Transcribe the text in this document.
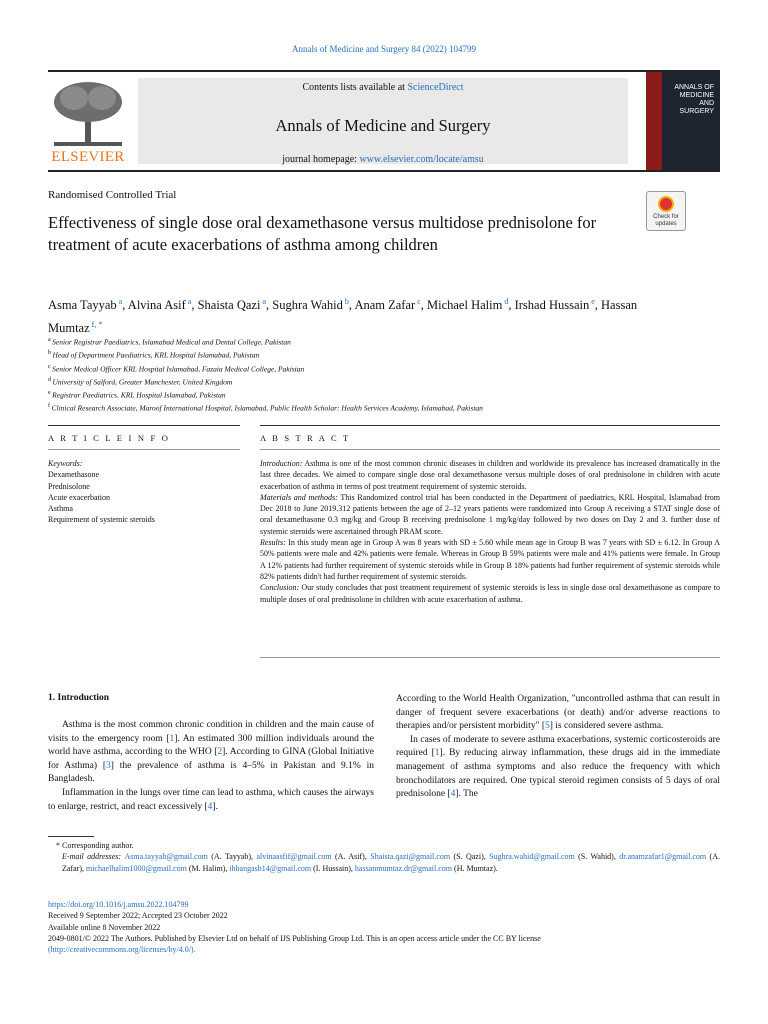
Annals of Medicine and Surgery 84 (2022) 104799
ELSEVIER
Contents lists available at ScienceDirect
Annals of Medicine and Surgery
journal homepage: www.elsevier.com/locate/amsu
ANNALS OF MEDICINE AND SURGERY
Randomised Controlled Trial
Effectiveness of single dose oral dexamethasone versus multidose prednisolone for treatment of acute exacerbations of asthma among children
Check for updates
Asma Tayyab $^a$, Alvina Asif $^a$, Shaista Qazi $^a$, Sughra Wahid $^b$, Anam Zafar $^c$, Michael Halim $^d$, Irshad Hussain $^e$, Hassan Mumtaz $^{f, *}$
$^a$ Senior Registrar Paediatrics, Islamabad Medical and Dental College, Pakistan
$^b$ Head of Department Paediatrics, KRL Hospital Islamabad, Pakistan
$^c$ Senior Medical Officer KRL Hospital Islamabad, Fazaia Medical College, Pakistan
$^d$ University of Salford, Greater Manchester, United Kingdom
$^e$ Registrar Paediatrics, KRL Hospital Islamabad, Pakistan
$^f$ Clinical Research Associate, Maroof International Hospital, Islamabad, Public Health Scholar: Health Services Academy, Islamabad, Pakistan
A R T I C L E I N F O	A B S T R A C T
Keywords:
Dexamethasone
Prednisolone
Acute exacerbation
Asthma
Requirement of systemic steroids

Introduction: Asthma is one of the most common chronic diseases in children and worldwide its prevalence has increased dramatically in the last three decades. We aimed to compare single dose oral dexamethasone versus multiple doses of oral prednisolone in children with acute exacerbation of asthma in terms of post treatment requirement of systemic steroids.

Materials and methods: This Randomized control trial has been conducted in the Department of paediatrics, KRL Hospital, Islamabad from Dec 2018 to June 2019.312 patients between the age of 2–12 years patients were randomized into Group A receiving a STAT single dose of oral dexamethasone 0.3 mg/kg and Group B receiving prednisolone 1 mg/kg/day followed by two doses on Day 2 and 3. further dose of systemic steroids were ascertained through PRAM score.

Results: In this study mean age in Group A was 8 years with SD ± 5.60 while mean age in Group B was 7 years with SD ± 6.12. In Group A 50% patients were male and 42% patients were female. Whereas in Group B 59% patients were male and 41% patients were female. In Group A 12% patients had further requirement of systemic steroids while in Group B 18% patients had further requirement of systemic steroids while 82% patients didn't had further requirement of systemic steroids.

Conclusion: Our study concludes that post treatment requirement of systemic steroids is less in single dose oral dexamethasone as compare to multiple doses of oral prednisolone in children with acute exacerbation of asthma.

1. Introduction

Asthma is the most common chronic condition in children and the main cause of visits to the emergency room [1]. An estimated 300 million individuals around the world have asthma, according to the WHO [2]. According to GINA (Global Initiative for Asthma) [3] the prevalence of asthma is 4–5% in Pakistan and 9.1% in Bangladesh.

Inflammation in the lungs over time can lead to asthma, which causes the airways to enlarge, restrict, and react excessively [4].

According to the World Health Organization, "uncontrolled asthma that can result in danger of frequent severe exacerbations (or death) and/or adverse reactions to therapies and/or persistent morbidity" [5] is considered severe asthma.

In cases of moderate to severe asthma exacerbations, systemic corticosteroids are required [1]. By reducing airway inflammation, these drugs aid in the immediate management of asthma symptoms and also reduce the frequency with which bronchodilators are required. One typical steroid regimen consists of 5 days of oral prednisolone [4]. The

* Corresponding author.
E-mail addresses: Asma.tayyab@gmail.com (A. Tayyab), alvinaasfif@gmail.com (A. Asif), Shaista.qazi@gmail.com (S. Qazi), Sughra.wahid@gmail.com (S. Wahid), dr.anamzafar1@gmail.com (A. Zafar), michaelhalim1000@gmail.com (M. Halim), ihbangash14@gmail.com (I. Hussain), hassanmumtaz.dr@gmail.com (H. Mumtaz).
https://doi.org/10.1016/j.amsu.2022.104799
Received 9 September 2022; Accepted 23 October 2022
Available online 8 November 2022
2049-0801/© 2022 The Authors. Published by Elsevier Ltd on behalf of IJS Publishing Group Ltd. This is an open access article under the CC BY license
(http://creativecommons.org/licenses/by/4.0/).
